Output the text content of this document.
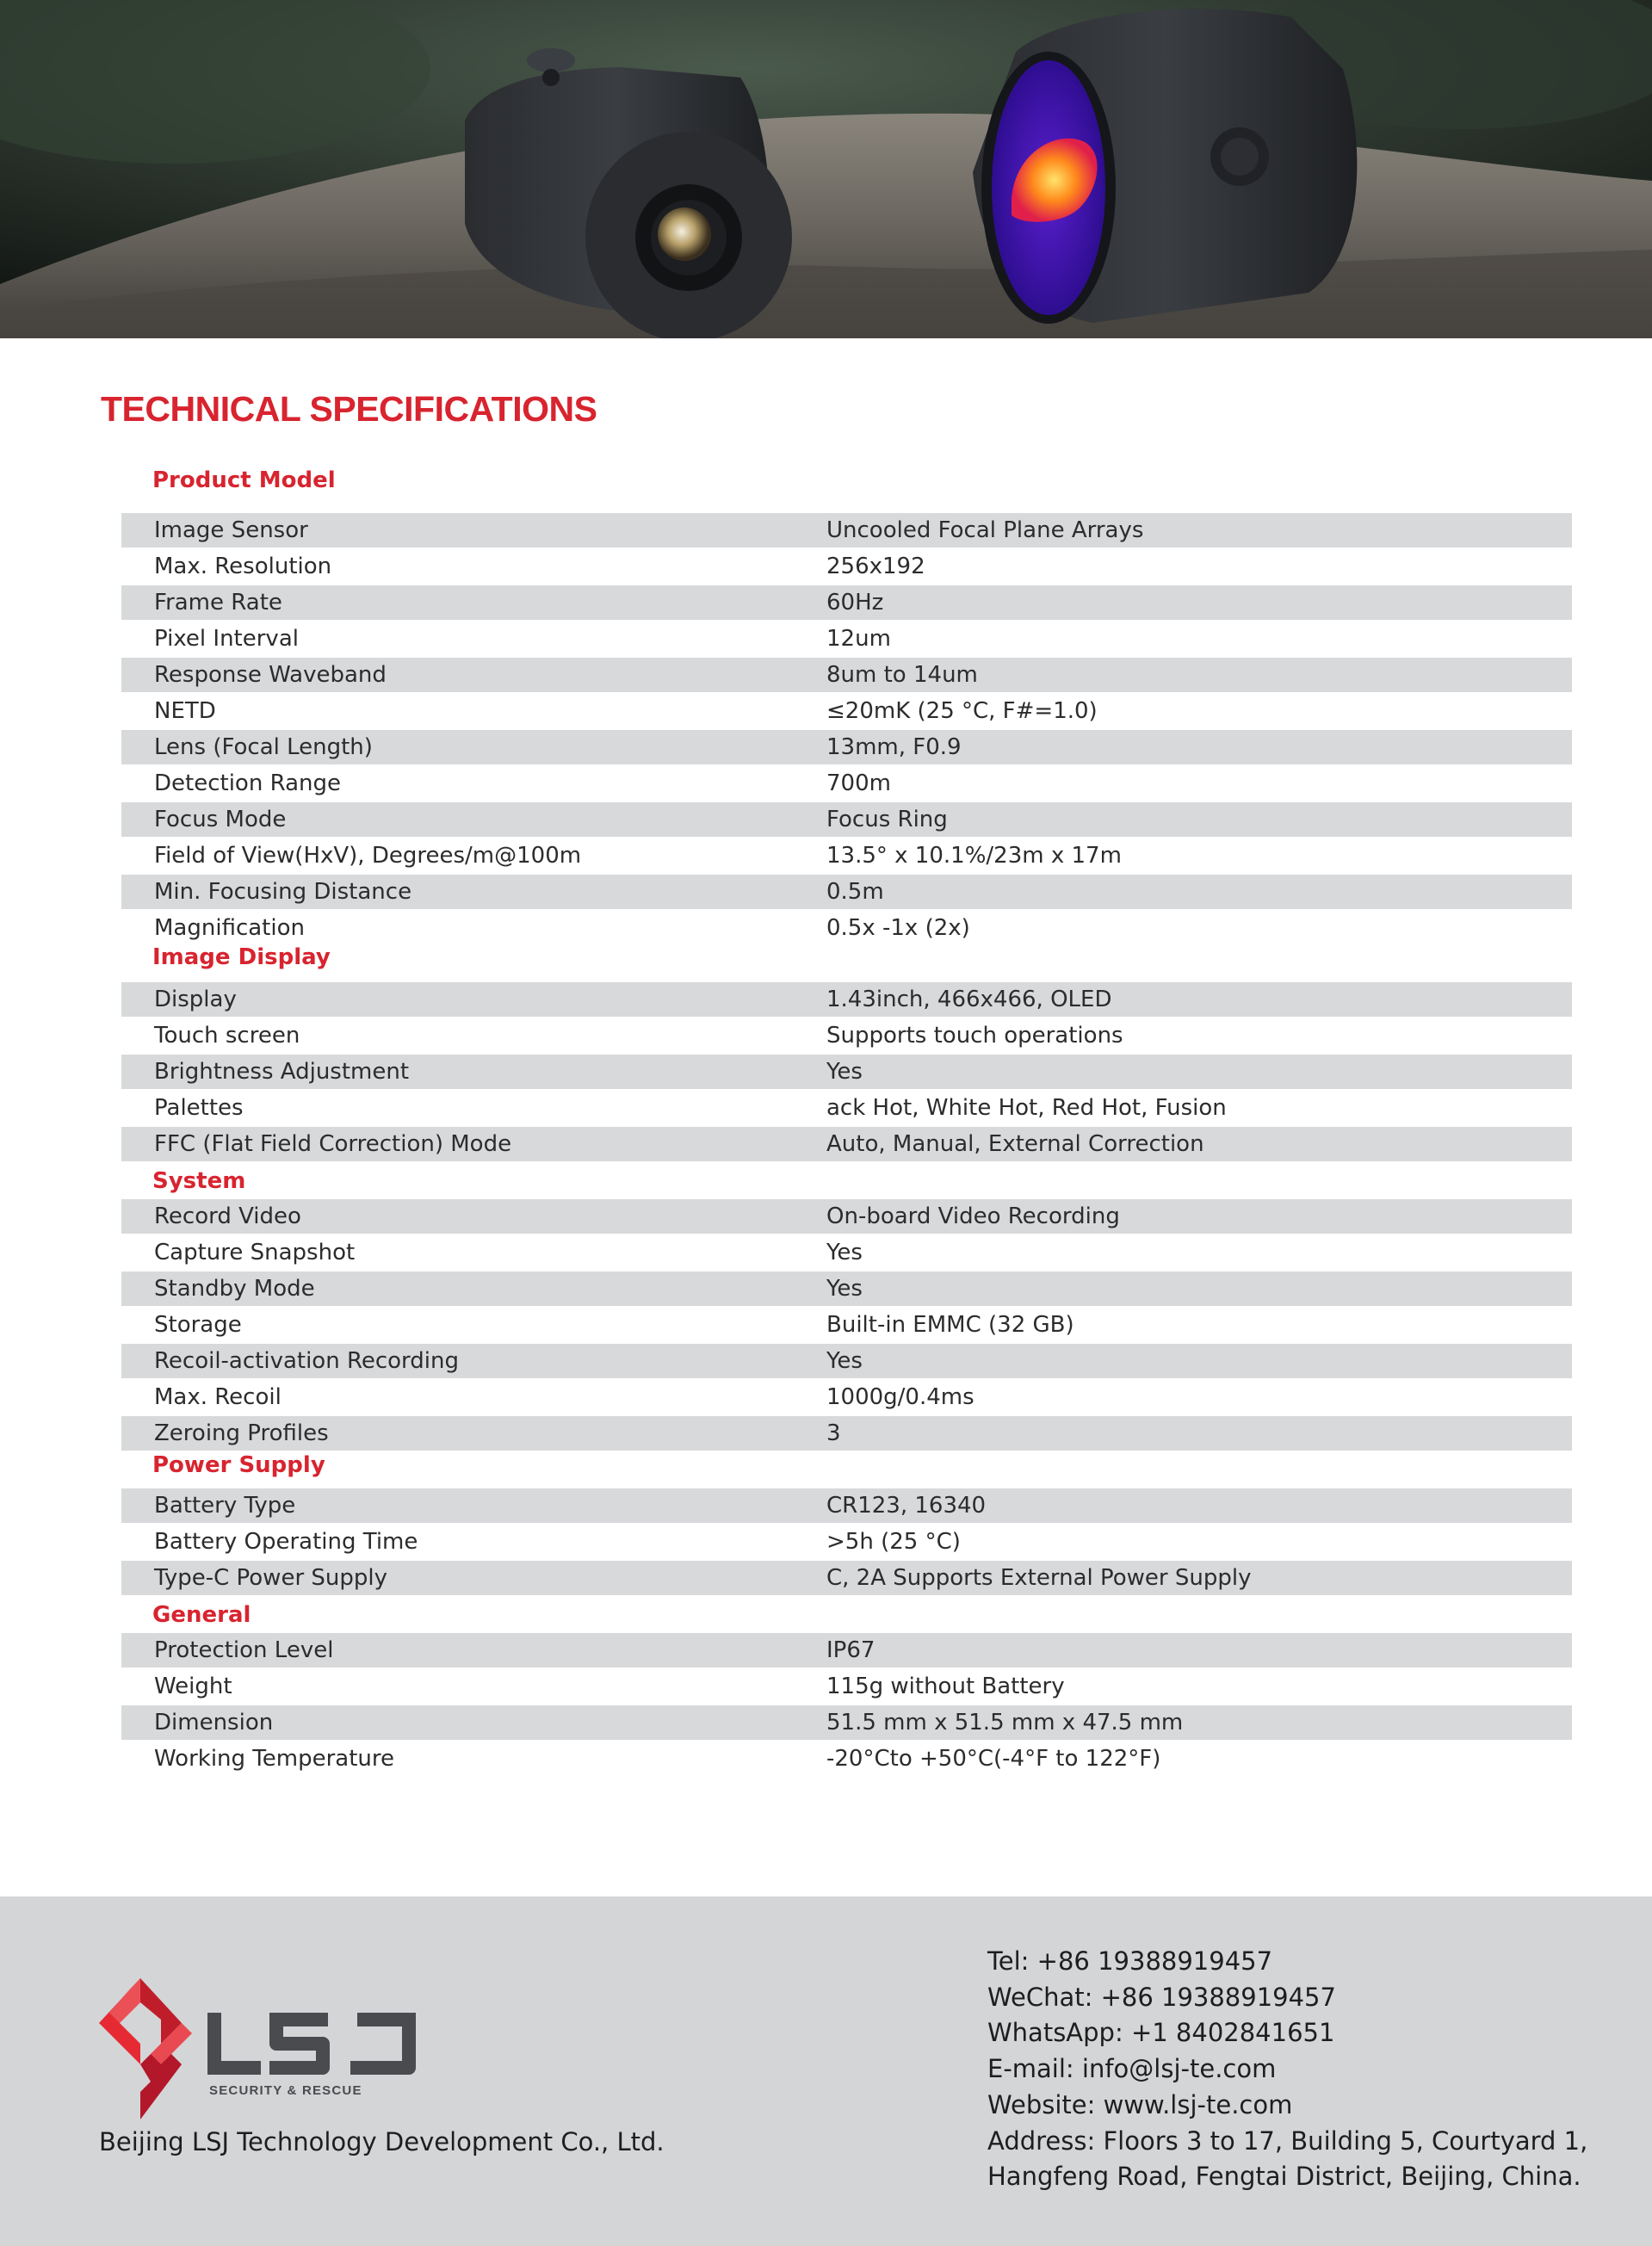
TECHNICAL SPECIFICATIONS
Product Model
Image Sensor	Uncooled Focal Plane Arrays
Max. Resolution	256x192
Frame Rate	60Hz
Pixel Interval	12um
Response Waveband	8um to 14um
NETD	≤20mK (25 °C, F#=1.0)
Lens (Focal Length)	13mm, F0.9
Detection Range	700m
Focus Mode	Focus Ring
Field of View(HxV), Degrees/m@100m	13.5° x 10.1%/23m x 17m
Min. Focusing Distance	0.5m
Magnification	0.5x -1x (2x)
Image Display
Display	1.43inch, 466x466, OLED
Touch screen	Supports touch operations
Brightness Adjustment	Yes
Palettes	ack Hot, White Hot, Red Hot, Fusion
FFC (Flat Field Correction) Mode	Auto, Manual, External Correction
System
Record Video	On-board Video Recording
Capture Snapshot	Yes
Standby Mode	Yes
Storage	Built-in EMMC (32 GB)
Recoil-activation Recording	Yes
Max. Recoil	1000g/0.4ms
Zeroing Profiles	3
Power Supply
Battery Type	CR123, 16340
Battery Operating Time	>5h (25 °C)
Type-C Power Supply	C, 2A Supports External Power Supply
General
Protection Level	IP67
Weight	115g without Battery
Dimension	51.5 mm x 51.5 mm x 47.5 mm
Working Temperature	-20°Cto +50°C(-4°F to 122°F)
SECURITY & RESCUE
Beijing LSJ Technology Development Co., Ltd.
Tel: +86 19388919457
WeChat: +86 19388919457
WhatsApp: +1 8402841651
E-mail: info@lsj-te.com
Website: www.lsj-te.com
Address: Floors 3 to 17, Building 5, Courtyard 1,
Hangfeng Road, Fengtai District, Beijing, China.
